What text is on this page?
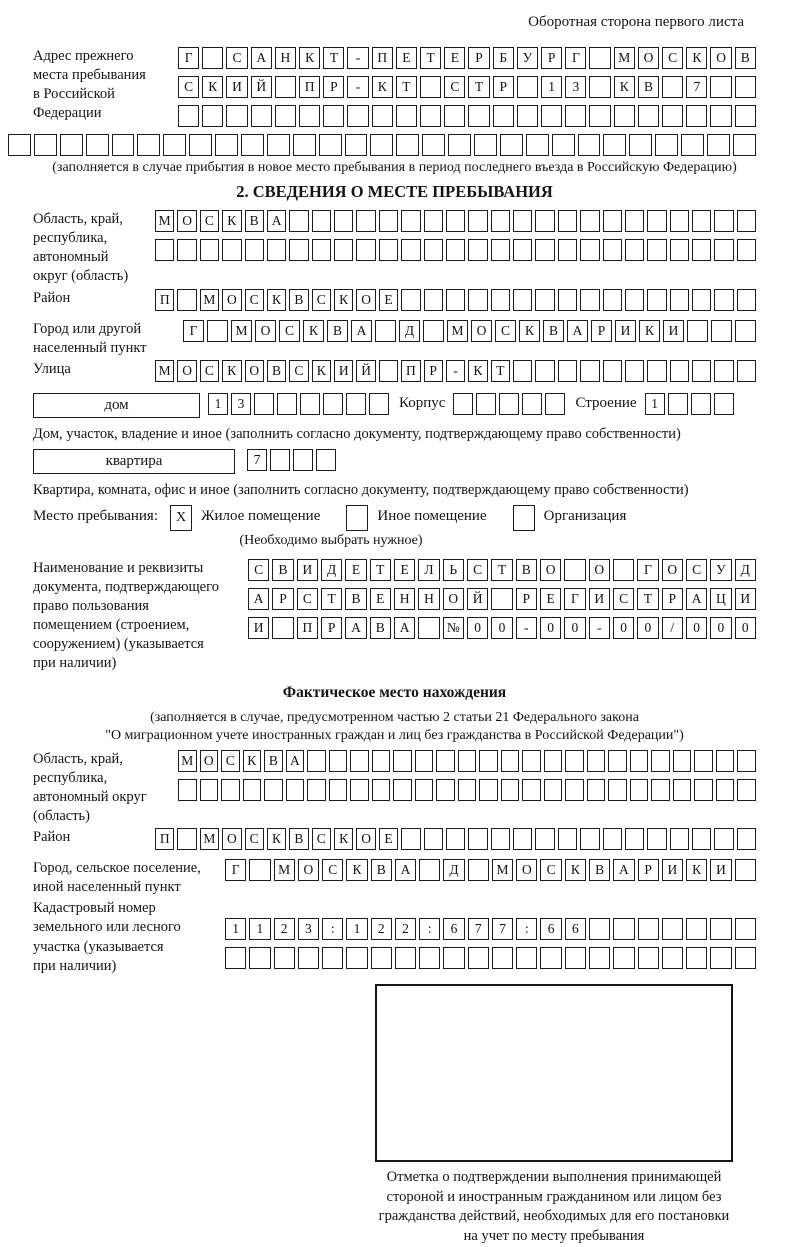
Оборотная сторона первого листа
Адрес прежнего
места пребывания
в Российской
Федерации
Г	С	А	Н	К	Т	-	П	Е	Т	Е	Р	Б	У	Р	Г	М О	С	К	О	В
С	К	И	Й	П	Р	-	К	Т	С	Т	Р	1	3	К	В	7
(заполняется в случае прибытия в новое место пребывания в период последнего въезда в Российскую Федерацию)
2. СВЕДЕНИЯ О МЕСТЕ ПРЕБЫВАНИЯ
Область, край,
республика,
автономный
округ (область)
М О С К В А
Район	П	М О С К В С К О Е
Город или другой
населенный пункт
Г	М О	С	К	В	А	Д	М О	С	К	В	А	Р	И	К	И
Улица	М О С К О В С К И Й	П	Р	-	К	Т
дом	1	3	Корпус	Строение	1
Дом, участок, владение и иное (заполнить согласно документу, подтверждающему право собственности)
квартира	7
Квартира, комната, офис и иное (заполнить согласно документу, подтверждающему право собственности)
Место пребывания:	X Жилое помещение	Иное помещение	Организация
(Необходимо выбрать нужное)
Наименование и реквизиты
документа, подтверждающего
право пользования
помещением (строением,
сооружением) (указывается
при наличии)
С	В	И	Д	Е	Т	Е	Л	Ь	С	Т	В	О	О	Г	О	С	У	Д
А	Р	С	Т	В	Е	Н	Н	О	Й	Р	Е	Г	И	С	Т	Р	А	Ц	И
И	П	Р	А	В	А	№	0	0	-	0	0	-	0	0	/	0	0	0
Фактическое место нахождения
(заполняется в случае, предусмотренном частью 2 статьи 21 Федерального закона
"О миграционном учете иностранных граждан и лиц без гражданства в Российской Федерации")
Область, край,
республика,
автономный округ
(область)
М О С К В А
Район	П	М О С К В С К О Е
Город, сельское поселение,
иной населенный пункт
Г	М О	С	К	В	А	Д	М О	С	К	В	А	Р	И	К	И
Кадастровый номер
земельного или лесного
участка (указывается
при наличии)
1	1	2	3	:	1	2	2	:	6	7	7	:	6	6
Отметка о подтверждении выполнения принимающей
стороной и иностранным гражданином или лицом без
гражданства действий, необходимых для его постановки
на учет по месту пребывания
